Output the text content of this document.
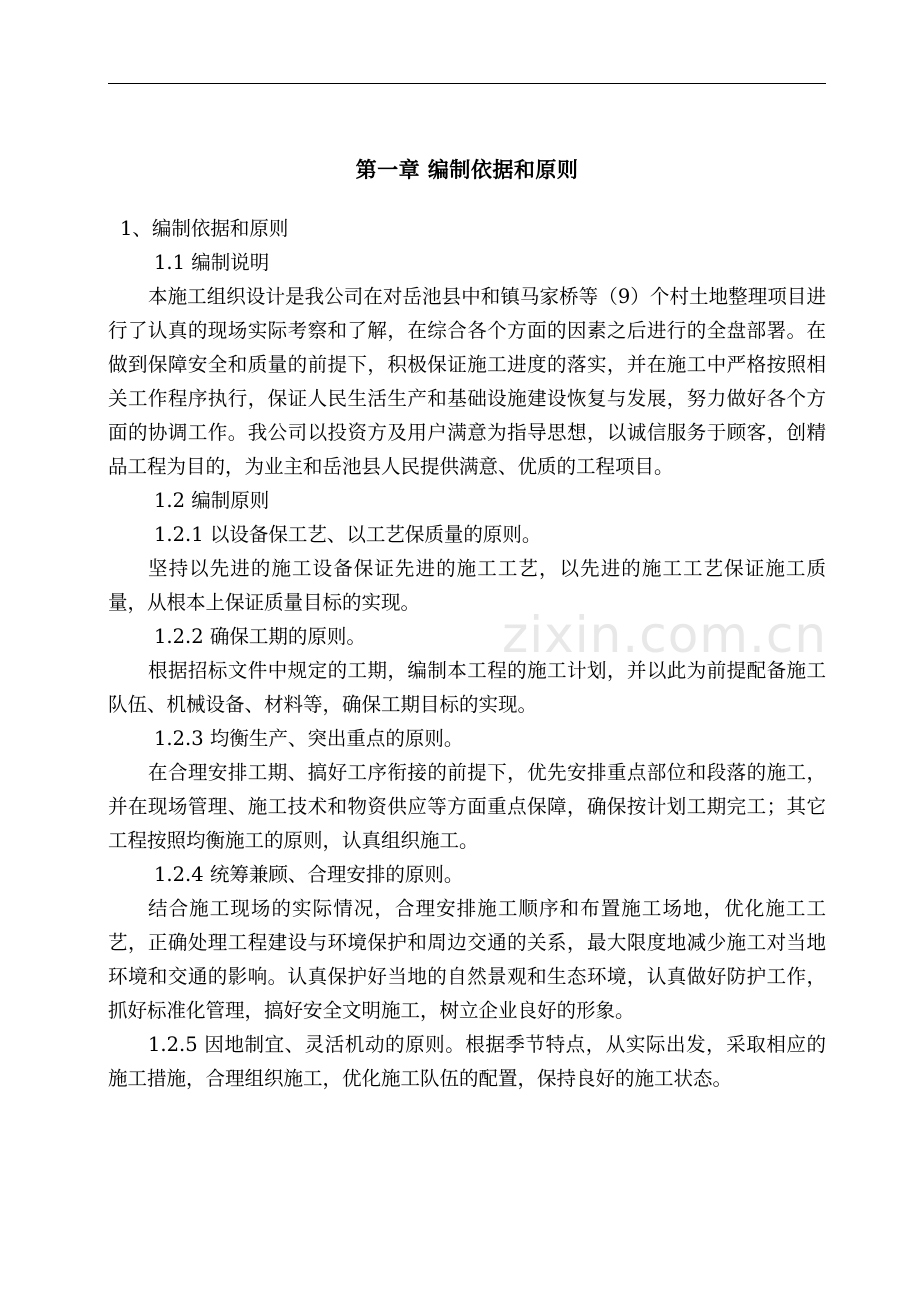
zixin.com.cn
第一章 编制依据和原则

1、编制依据和原则

1.1 编制说明

本施工组织设计是我公司在对岳池县中和镇马家桥等（9）个村土地整理项目进行了认真的现场实际考察和了解，在综合各个方面的因素之后进行的全盘部署。在做到保障安全和质量的前提下，积极保证施工进度的落实，并在施工中严格按照相关工作程序执行，保证人民生活生产和基础设施建设恢复与发展，努力做好各个方面的协调工作。我公司以投资方及用户满意为指导思想，以诚信服务于顾客，创精品工程为目的，为业主和岳池县人民提供满意、优质的工程项目。

1.2 编制原则

1.2.1 以设备保工艺、以工艺保质量的原则。

坚持以先进的施工设备保证先进的施工工艺，以先进的施工工艺保证施工质量，从根本上保证质量目标的实现。

1.2.2 确保工期的原则。

根据招标文件中规定的工期，编制本工程的施工计划，并以此为前提配备施工队伍、机械设备、材料等，确保工期目标的实现。

1.2.3 均衡生产、突出重点的原则。

在合理安排工期、搞好工序衔接的前提下，优先安排重点部位和段落的施工，并在现场管理、施工技术和物资供应等方面重点保障，确保按计划工期完工；其它工程按照均衡施工的原则，认真组织施工。

1.2.4 统筹兼顾、合理安排的原则。

结合施工现场的实际情况，合理安排施工顺序和布置施工场地，优化施工工艺，正确处理工程建设与环境保护和周边交通的关系，最大限度地减少施工对当地环境和交通的影响。认真保护好当地的自然景观和生态环境，认真做好防护工作，抓好标准化管理，搞好安全文明施工，树立企业良好的形象。

1.2.5 因地制宜、灵活机动的原则。根据季节特点，从实际出发，采取相应的施工措施，合理组织施工，优化施工队伍的配置，保持良好的施工状态。
